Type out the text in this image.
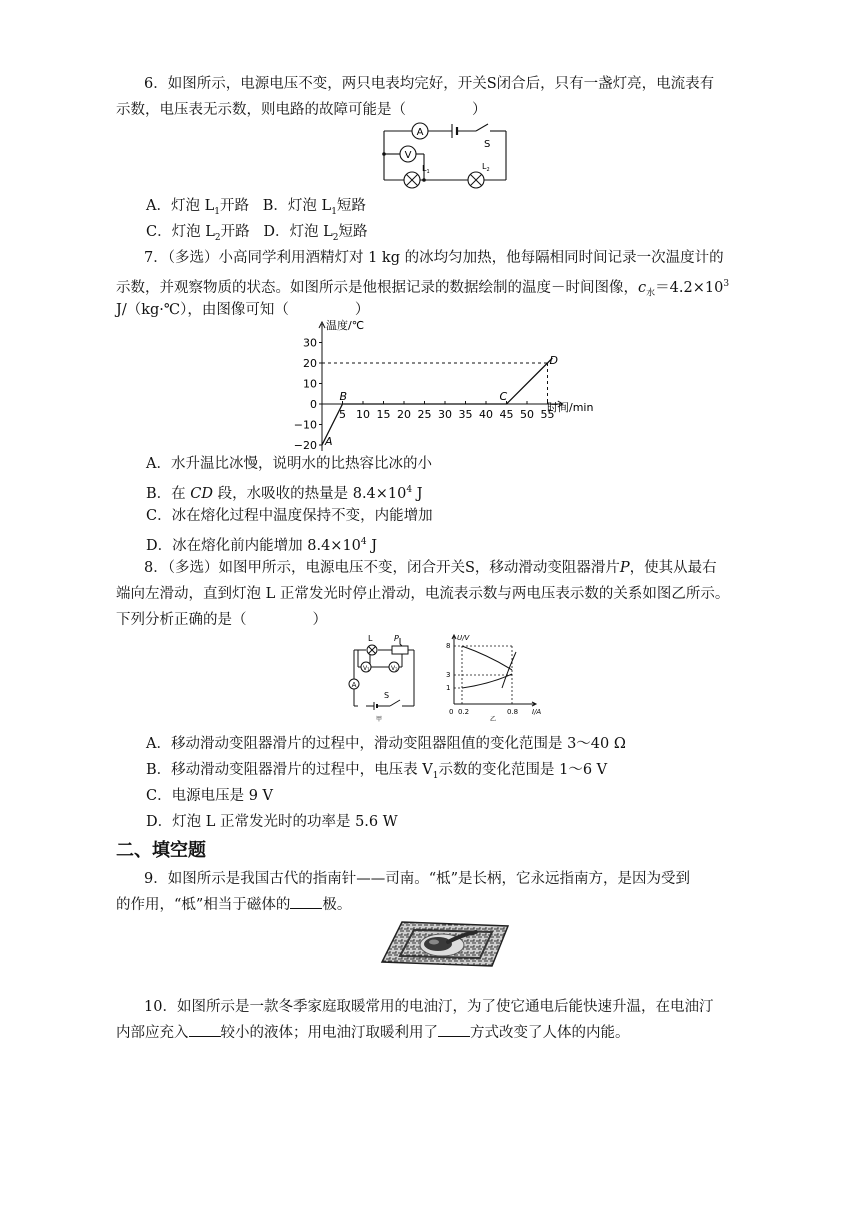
6．如图所示，电源电压不变，两只电表均完好，开关S闭合后，只有一盏灯亮，电流表有
示数，电压表无示数，则电路的故障可能是（	）
A
V
S
$L_1$
$L_2$
A．灯泡 $L_1$开路 B．灯泡 $L_1$短路
C．灯泡 $L_2$开路 D．灯泡 $L_2$短路
7．（多选）小高同学利用酒精灯对 1 kg 的冰均匀加热，他每隔相同时间记录一次温度计的
示数，并观察物质的状态。如图所示是他根据记录的数据绘制的温度－时间图像，$c_水=4.2\times 10^3$
J/（kg·℃），由图像可知（	）
温度/℃
时间/min
30
20
10
0
−10
−20
5 10 15 20 25 30 35 40 45 50 55
A
B	C
D
A．水升温比冰慢，说明水的比热容比冰的小
B．在 CD 段，水吸收的热量是 $8.4\times 10^4$ J
C．冰在熔化过程中温度保持不变，内能增加
D．冰在熔化前内能增加 $8.4\times 10^4$ J
8．（多选）如图甲所示，电源电压不变，闭合开关S，移动滑动变阻器滑片P，使其从最右
端向左滑动，直到灯泡 L 正常发光时停止滑动，电流表示数与两电压表示数的关系如图乙所示。
下列分析正确的是（	）
L	P
V1	V2
A
S
甲
U/V
I/A
8
3
1
0 0.2	0.8
乙
A．移动滑动变阻器滑片的过程中，滑动变阻器阻值的变化范围是 3～40 Ω
B．移动滑动变阻器滑片的过程中，电压表 $V_1$示数的变化范围是 1～6 V
C．电源电压是 9 V
D．灯泡 L 正常发光时的功率是 5.6 W
二、填空题
9．如图所示是我国古代的指南针——司南。“柢”是长柄，它永远指南方，是因为受到
的作用，“柢”相当于磁体的 极。
10．如图所示是一款冬季家庭取暖常用的电油汀，为了使它通电后能快速升温，在电油汀
内部应充入 较小的液体；用电油汀取暖利用了 方式改变了人体的内能。
